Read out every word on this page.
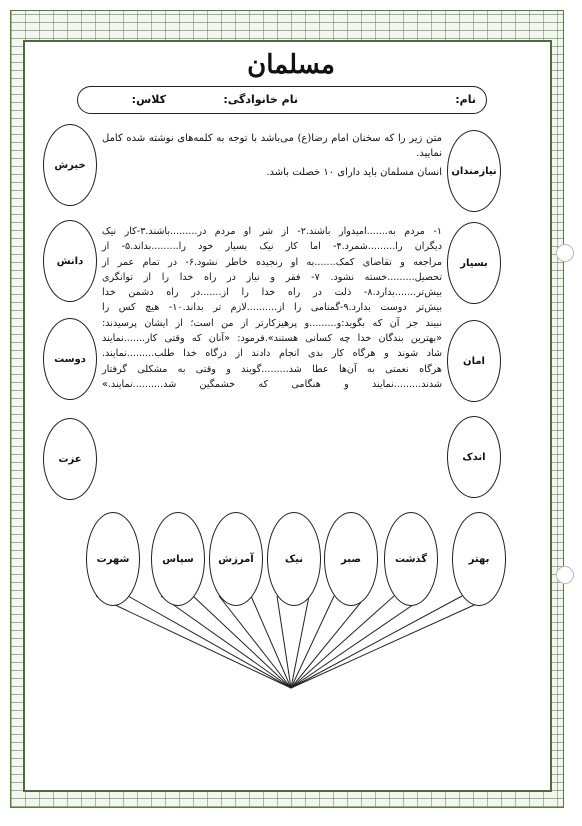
مسلمان
نام:
نام خانوادگی:
کلاس:
خیرش
دانش
دوست
عزت
نیازمندان
بسیار
امان
اندک

متن زیر را که سخنان امام رضا(ع) می‌باشد با توجه به کلمه‌های نوشته شده کامل نمایید.

انسان مسلمان باید دارای ۱۰ خصلت باشد.

۱- مردم به.......امیدوار باشند.۲- از شر او مردم در.........باشند.۳-کار نیک

دیگران را.........شمرد.۴- اما کار نیک بسیار خود را.........بداند.۵- از

مراجعه و تقاضای کمک.......به او رنجیده خاطر نشود.۶- در تمام عمر از

تحصیل.........خسته نشود. ۷- فقر و نیاز در راه خدا را از توانگری

بیش‌تر.......بدارد.۸- ذلت در راه خدا را از.......در راه دشمن خدا

بیش‌تر دوست بدارد.۹-گمنامی را از..........لازم تر بداند.۱۰- هیچ کس را

نبیند جز آن که بگوید:و.........و پرهیزکارتر از من است؛ از ایشان پرسیدند:

«بهترین بندگان خدا چه کسانی هستند».فرمود: «آنان که وقتی کار.......نمایند

شاد شوند و هرگاه کار بدی انجام دادند از درگاه خدا طلب.........نمایند.

هرگاه نعمتی به آن‌ها عطا شد.........گویند و وقتی به مشکلی گرفتار

شدند.........نمایند و هنگامی که خشمگین شد..........نمایند.»

بهتر
گذشت
صبر
نیک
آمرزش
سپاس
شهرت
